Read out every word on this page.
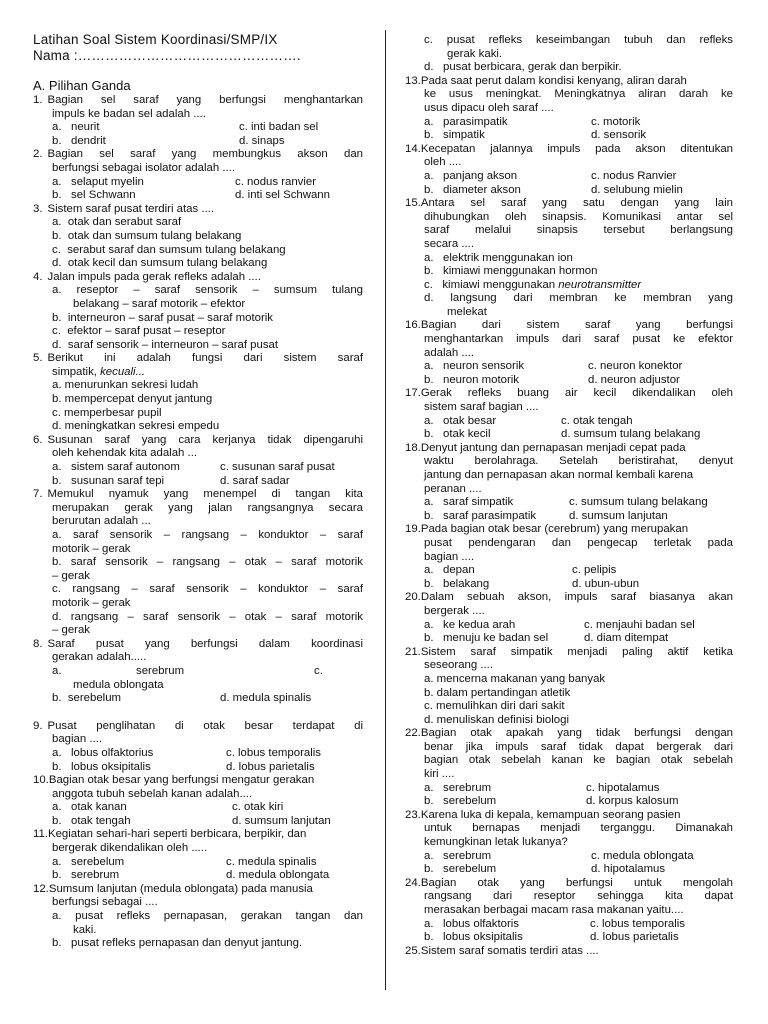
Latihan Soal Sistem Koordinasi/SMP/IX
Nama :………………………………………….
A. Pilihan Ganda
1. Bagian sel saraf yang berfungsi menghantarkan
impuls ke badan sel adalah ....
a.   neurit	c. inti badan sel
b.   dendrit	d. sinaps
2. Bagian sel saraf yang membungkus akson dan
berfungsi sebagai isolator adalah ....
a.   selaput myelin	c. nodus ranvier
b.   sel Schwann	d. inti sel Schwann
3. Sistem saraf pusat terdiri atas ....
a.  otak dan serabut saraf
b.  otak dan sumsum tulang belakang
c.  serabut saraf dan sumsum tulang belakang
d.  otak kecil dan sumsum tulang belakang
4. Jalan impuls pada gerak refleks adalah ....
a. reseptor – saraf sensorik – sumsum tulang
belakang – saraf motorik – efektor
b.  interneuron – saraf pusat – saraf motorik
c.  efektor – saraf pusat – reseptor
d.  saraf sensorik – interneuron – saraf pusat
5. Berikut ini adalah fungsi dari sistem saraf
simpatik, kecuali...
a. menurunkan sekresi ludah
b. mempercepat denyut jantung
c. memperbesar pupil
d. meningkatkan sekresi empedu
6. Susunan saraf yang cara kerjanya tidak dipengaruhi
oleh kehendak kita adalah ...
a.   sistem saraf autonom	c. susunan saraf pusat
b.   susunan saraf tepi	d. saraf sadar
7. Memukul nyamuk yang menempel di tangan kita
merupakan gerak yang jalan rangsangnya secara
berurutan adalah ...
a. saraf sensorik – rangsang – konduktor – saraf
motorik – gerak
b. saraf sensorik – rangsang – otak – saraf motorik
– gerak
c. rangsang – saraf sensorik – konduktor – saraf
motorik – gerak
d. rangsang – saraf sensorik – otak – saraf motorik
– gerak
8. Saraf pusat yang berfungsi dalam koordinasi
gerakan adalah.....
a.	serebrum	c.
medula oblongata
b.  serebelum	d. medula spinalis
9. Pusat penglihatan di otak besar terdapat di
bagian ....
a.   lobus olfaktorius	c. lobus temporalis
b.   lobus oksipitalis	d. lobus parietalis
10. Bagian otak besar yang berfungsi mengatur gerakan
anggota tubuh sebelah kanan adalah....
a.   otak kanan	c. otak kiri
b.   otak tengah	d. sumsum lanjutan
11. Kegiatan sehari-hari seperti berbicara, berpikir, dan
bergerak dikendalikan oleh .....
a.   serebelum	c. medula spinalis
b.   serebrum	d. medula oblongata
12. Sumsum lanjutan (medula oblongata) pada manusia
berfungsi sebagai ....
a. pusat refleks pernapasan, gerakan tangan dan
kaki.
b.   pusat refleks pernapasan dan denyut jantung.
c. pusat refleks keseimbangan tubuh dan refleks
gerak kaki.
d.   pusat berbicara, gerak dan berpikir.
13. Pada saat perut dalam kondisi kenyang, aliran darah
ke usus meningkat. Meningkatnya aliran darah ke
usus dipacu oleh saraf ....
a.   parasimpatik	c. motorik
b.   simpatik	d. sensorik
14. Kecepatan jalannya impuls pada akson ditentukan
oleh ....
a.   panjang akson	c. nodus Ranvier
b.   diameter akson	d. selubung mielin
15. Antara sel saraf yang satu dengan yang lain
dihubungkan oleh sinapsis. Komunikasi antar sel
saraf melalui sinapsis tersebut berlangsung
secara ....
a.   elektrik menggunakan ion
b.   kimiawi menggunakan hormon
c.   kimiawi menggunakan neurotransmitter
d. langsung dari membran ke membran yang
melekat
16. Bagian dari sistem saraf yang berfungsi
menghantarkan impuls dari saraf pusat ke efektor
adalah ....
a.   neuron sensorik	c. neuron konektor
b.   neuron motorik	d. neuron adjustor
17. Gerak refleks buang air kecil dikendalikan oleh
sistem saraf bagian ....
a.   otak besar	c. otak tengah
b.   otak kecil	d. sumsum tulang belakang
18. Denyut jantung dan pernapasan menjadi cepat pada
waktu berolahraga. Setelah beristirahat, denyut
jantung dan pernapasan akan normal kembali karena
peranan ....
a.   saraf simpatik	c. sumsum tulang belakang
b.   saraf parasimpatik	d. sumsum lanjutan
19. Pada bagian otak besar (cerebrum) yang merupakan
pusat pendengaran dan pengecap terletak pada
bagian ....
a.   depan	c. pelipis
b.   belakang	d. ubun-ubun
20. Dalam sebuah akson, impuls saraf biasanya akan
bergerak ....
a.   ke kedua arah	c. menjauhi badan sel
b.   menuju ke badan sel	d. diam ditempat
21. Sistem saraf simpatik menjadi paling aktif ketika
seseorang ....
a. mencerna makanan yang banyak
b. dalam pertandingan atletik
c. memulihkan diri dari sakit
d. menuliskan definisi biologi
22. Bagian otak apakah yang tidak berfungsi dengan
benar jika impuls saraf tidak dapat bergerak dari
bagian otak sebelah kanan ke bagian otak sebelah
kiri ....
a.   serebrum	c. hipotalamus
b.   serebelum	d. korpus kalosum
23. Karena luka di kepala, kemampuan seorang pasien
untuk bernapas menjadi terganggu. Dimanakah
kemungkinan letak lukanya?
a.   serebrum	c. medula oblongata
b.   serebelum	d. hipotalamus
24. Bagian otak yang berfungsi untuk mengolah
rangsang dari reseptor sehingga kita dapat
merasakan berbagai macam rasa makanan yaitu....
a.   lobus olfaktoris	c. lobus temporalis
b.   lobus oksipitalis	d. lobus parietalis
25. Sistem saraf somatis terdiri atas ....
